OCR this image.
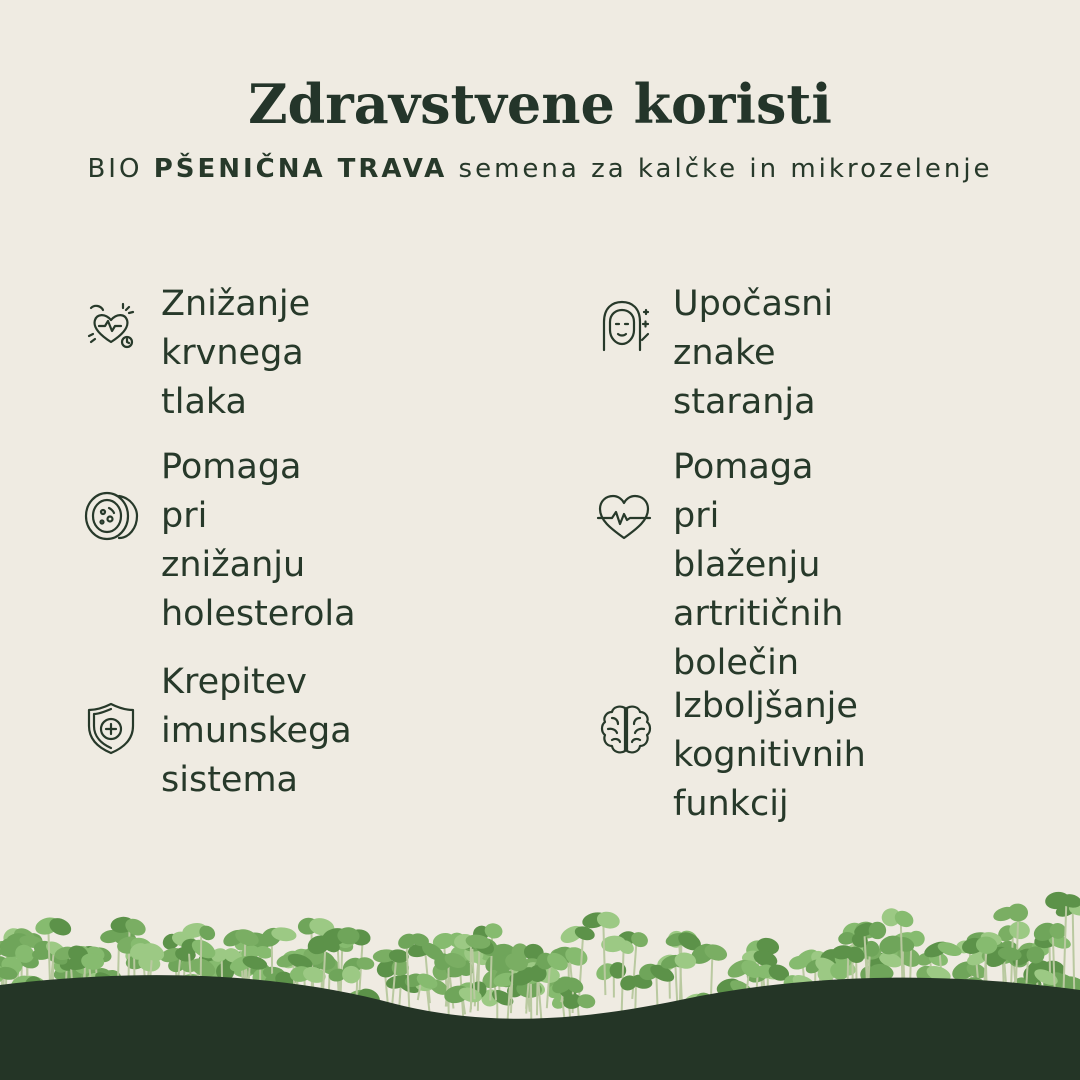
Zdravstvene koristi

BIO PŠENIČNA TRAVA semena za kalčke in mikrozelenje

Znižanje krvnega
tlaka
Upočasni znake
staranja
Pomaga pri
znižanju
holesterola
Pomaga pri
blaženju
artritičnih bolečin
Krepitev
imunskega
sistema
Izboljšanje
kognitivnih funkcij
